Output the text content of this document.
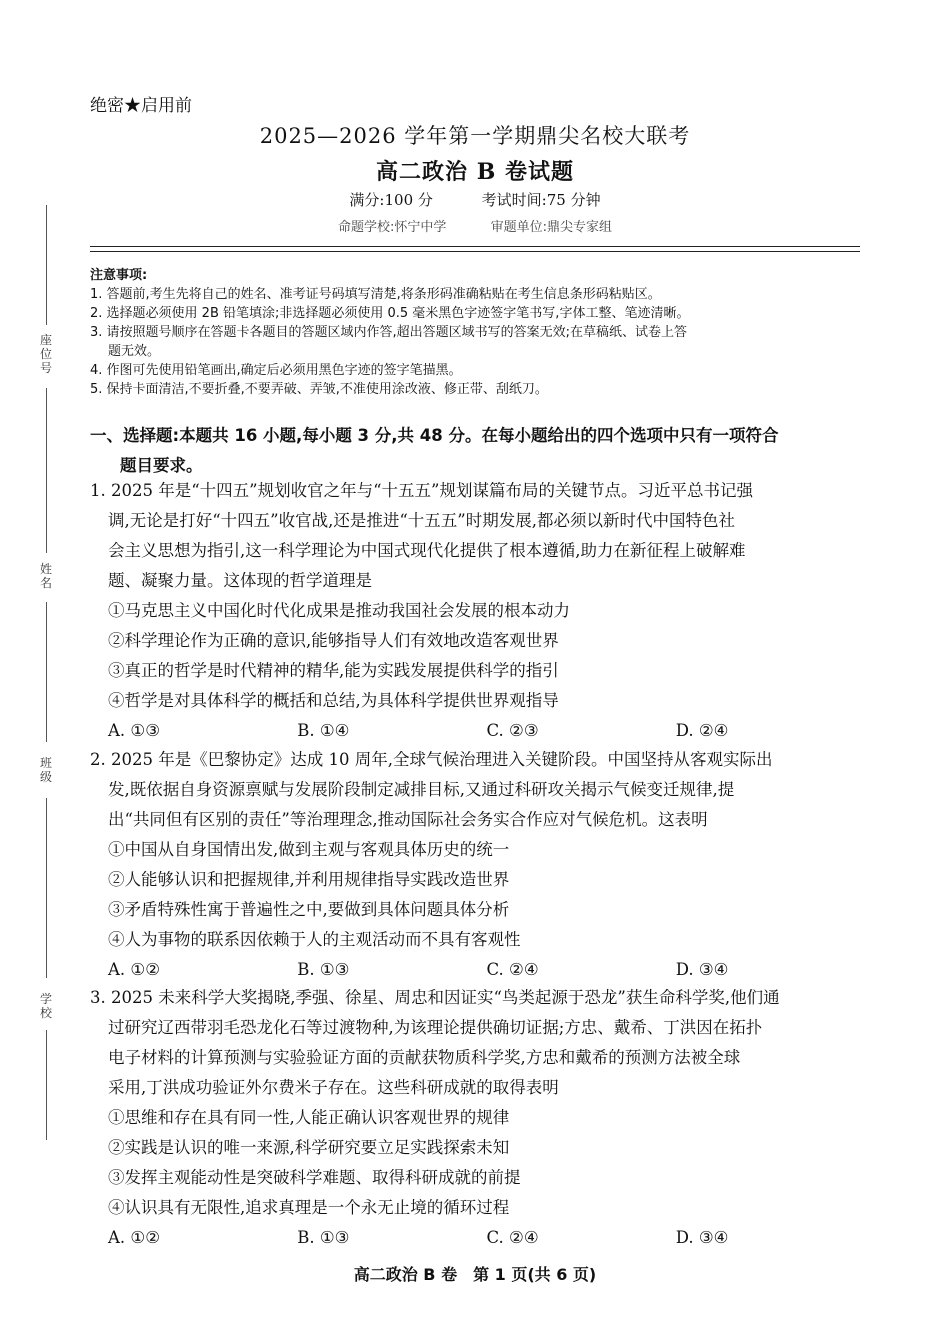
座位号
姓名
班级
学校
绝密★启用前
2025—2026 学年第一学期鼎尖名校大联考
高二政治 B 卷试题
满分:100 分	考试时间:75 分钟
命题学校:怀宁中学	审题单位:鼎尖专家组

注意事项:

1. 答题前,考生先将自己的姓名、准考证号码填写清楚,将条形码准确粘贴在考生信息条形码粘贴区。

2. 选择题必须使用 2B 铅笔填涂;非选择题必须使用 0.5 毫米黑色字迹签字笔书写,字体工整、笔迹清晰。

3. 请按照题号顺序在答题卡各题目的答题区域内作答,超出答题区域书写的答案无效;在草稿纸、试卷上答

题无效。

4. 作图可先使用铅笔画出,确定后必须用黑色字迹的签字笔描黑。

5. 保持卡面清洁,不要折叠,不要弄破、弄皱,不准使用涂改液、修正带、刮纸刀。

一、选择题:本题共 16 小题,每小题 3 分,共 48 分。在每小题给出的四个选项中只有一项符合
题目要求。

1. 2025 年是“十四五”规划收官之年与“十五五”规划谋篇布局的关键节点。习近平总书记强

调,无论是打好“十四五”收官战,还是推进“十五五”时期发展,都必须以新时代中国特色社

会主义思想为指引,这一科学理论为中国式现代化提供了根本遵循,助力在新征程上破解难

题、凝聚力量。这体现的哲学道理是

①马克思主义中国化时代化成果是推动我国社会发展的根本动力

②科学理论作为正确的意识,能够指导人们有效地改造客观世界

③真正的哲学是时代精神的精华,能为实践发展提供科学的指引

④哲学是对具体科学的概括和总结,为具体科学提供世界观指导

A. ①③	B. ①④	C. ②③	D. ②④

2. 2025 年是《巴黎协定》达成 10 周年,全球气候治理进入关键阶段。中国坚持从客观实际出

发,既依据自身资源禀赋与发展阶段制定减排目标,又通过科研攻关揭示气候变迁规律,提

出“共同但有区别的责任”等治理理念,推动国际社会务实合作应对气候危机。这表明

①中国从自身国情出发,做到主观与客观具体历史的统一

②人能够认识和把握规律,并利用规律指导实践改造世界

③矛盾特殊性寓于普遍性之中,要做到具体问题具体分析

④人为事物的联系因依赖于人的主观活动而不具有客观性

A. ①②	B. ①③	C. ②④	D. ③④

3. 2025 未来科学大奖揭晓,季强、徐星、周忠和因证实“鸟类起源于恐龙”获生命科学奖,他们通

过研究辽西带羽毛恐龙化石等过渡物种,为该理论提供确切证据;方忠、戴希、丁洪因在拓扑

电子材料的计算预测与实验验证方面的贡献获物质科学奖,方忠和戴希的预测方法被全球

采用,丁洪成功验证外尔费米子存在。这些科研成就的取得表明

①思维和存在具有同一性,人能正确认识客观世界的规律

②实践是认识的唯一来源,科学研究要立足实践探索未知

③发挥主观能动性是突破科学难题、取得科研成就的前提

④认识具有无限性,追求真理是一个永无止境的循环过程

A. ①②	B. ①③	C. ②④	D. ③④
高二政治 B 卷　第 1 页(共 6 页)
